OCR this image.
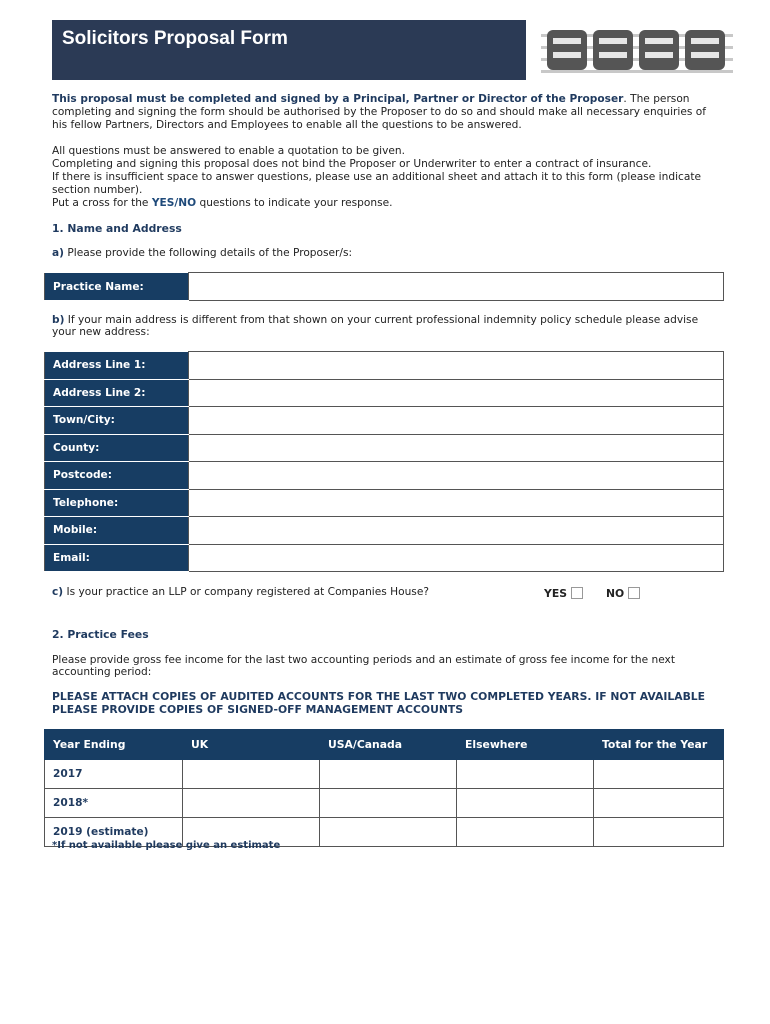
Solicitors Proposal Form

This proposal must be completed and signed by a Principal, Partner or Director of the Proposer. The person completing and signing the form should be authorised by the Proposer to do so and should make all necessary enquiries of his fellow Partners, Directors and Employees to enable all the questions to be answered.

All questions must be answered to enable a quotation to be given.

Completing and signing this proposal does not bind the Proposer or Underwriter to enter a contract of insurance.

If there is insufficient space to answer questions, please use an additional sheet and attach it to this form (please indicate section number).

Put a cross for the YES/NO questions to indicate your response.

1. Name and Address
a) Please provide the following details of the Proposer/s:
Practice Name:	
b) If your main address is different from that shown on your current professional indemnity policy schedule please advise your new address:
Address Line 1:	
Address Line 2:	
Town/City:	
County:	
Postcode:	
Telephone:	
Mobile:	
Email:	
c) Is your practice an LLP or company registered at Companies House?	YES	NO
2. Practice Fees
Please provide gross fee income for the last two accounting periods and an estimate of gross fee income for the next accounting period:
PLEASE ATTACH COPIES OF AUDITED ACCOUNTS FOR THE LAST TWO COMPLETED YEARS. IF NOT AVAILABLE PLEASE PROVIDE COPIES OF SIGNED-OFF MANAGEMENT ACCOUNTS
Year Ending	UK	USA/Canada	Elsewhere	Total for the Year
2017				
2018*				
2019 (estimate)				
*If not available please give an estimate
